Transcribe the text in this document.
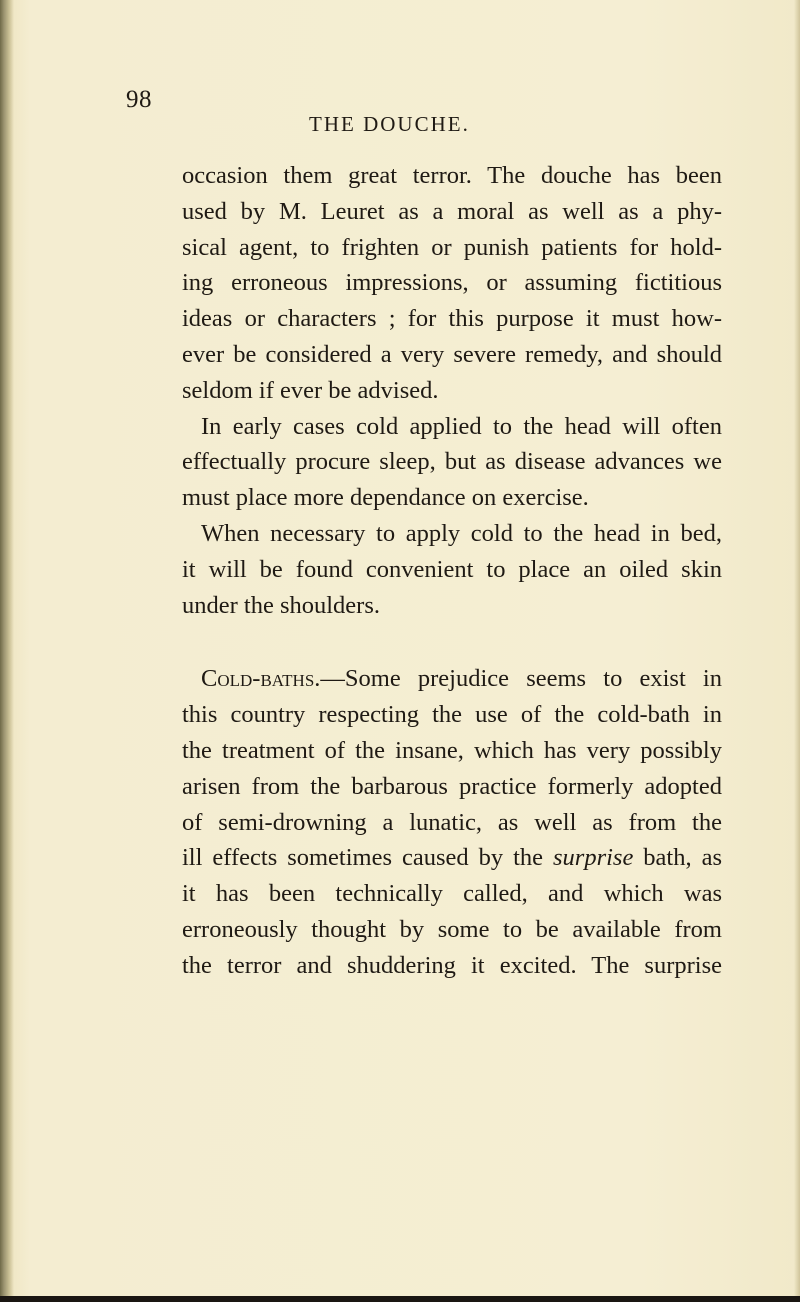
98
THE DOUCHE.
occasion them great terror. The douche has been
used by M. Leuret as a moral as well as a phy-
sical agent, to frighten or punish patients for hold-
ing erroneous impressions, or assuming fictitious
ideas or characters ; for this purpose it must how-
ever be considered a very severe remedy, and should
seldom if ever be advised.
In early cases cold applied to the head will often
effectually procure sleep, but as disease advances we
must place more dependance on exercise.
When necessary to apply cold to the head in bed,
it will be found convenient to place an oiled skin
under the shoulders.
Cold-baths.—Some prejudice seems to exist in
this country respecting the use of the cold-bath in
the treatment of the insane, which has very possibly
arisen from the barbarous practice formerly adopted
of semi-drowning a lunatic, as well as from the
ill effects sometimes caused by the surprise bath, as
it has been technically called, and which was
erroneously thought by some to be available from
the terror and shuddering it excited. The surprise
